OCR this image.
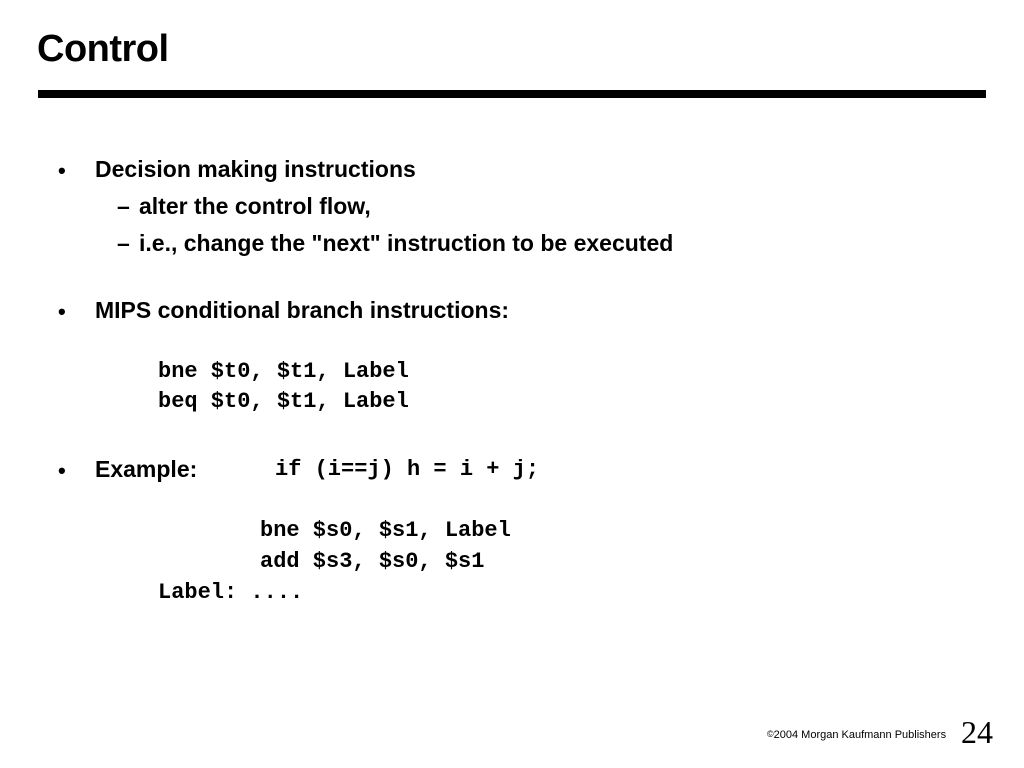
Control
• Decision making instructions
– alter the control flow,
– i.e., change the "next" instruction to be executed
• MIPS conditional branch instructions:
bne $t0, $t1, Label
beq $t0, $t1, Label
• Example:	if (i==j) h = i + j;
bne $s0, $s1, Label
add $s3, $s0, $s1
Label: ....
©2004 Morgan Kaufmann Publishers 24
